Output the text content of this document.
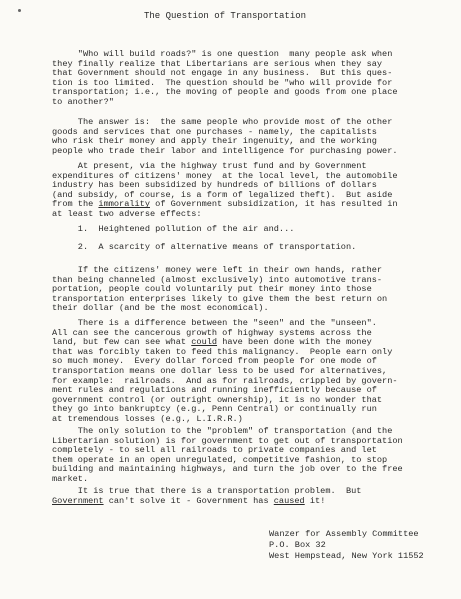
The Question of Transportation

"Who will build roads?" is one question  many people ask when
they finally realize that Libertarians are serious when they say
that Government should not engage in any business.  But this ques-
tion is too limited.  The question should be "who will provide for
transportation; i.e., the moving of people and goods from one place
to another?"

The answer is:  the same people who provide most of the other
goods and services that one purchases - namely, the capitalists
who risk their money and apply their ingenuity, and the working
people who trade their labor and intelligence for purchasing power.

At present, via the highway trust fund and by Government
expenditures of citizens' money  at the local level, the automobile
industry has been subsidized by hundreds of billions of dollars
(and subsidy, of course, is a form of legalized theft).  But aside
from the immorality of Government subsidization, it has resulted in
at least two adverse effects:

1.  Heightened pollution of the air and...

2.  A scarcity of alternative means of transportation.

If the citizens' money were left in their own hands, rather
than being channeled (almost exclusively) into automotive trans-
portation, people could voluntarily put their money into those
transportation enterprises likely to give them the best return on
their dollar (and be the most economical).

There is a difference between the "seen" and the "unseen".
All can see the cancerous growth of highway systems across the
land, but few can see what could have been done with the money
that was forcibly taken to feed this malignancy.  People earn only
so much money.  Every dollar forced from people for one mode of
transportation means one dollar less to be used for alternatives,
for example:  railroads.  And as for railroads, crippled by govern-
ment rules and regulations and running inefficiently because of
government control (or outright ownership), it is no wonder that
they go into bankruptcy (e.g., Penn Central) or continually run
at tremendous losses (e.g., L.I.R.R.)

The only solution to the "problem" of transportation (and the
Libertarian solution) is for government to get out of transportation
completely - to sell all railroads to private companies and let
them operate in an open unregulated, competitive fashion, to stop
building and maintaining highways, and turn the job over to the free
market.

It is true that there is a transportation problem.  But
Government can't solve it - Government has caused it!

Wanzer for Assembly Committee
P.O. Box 32
West Hempstead, New York 11552
